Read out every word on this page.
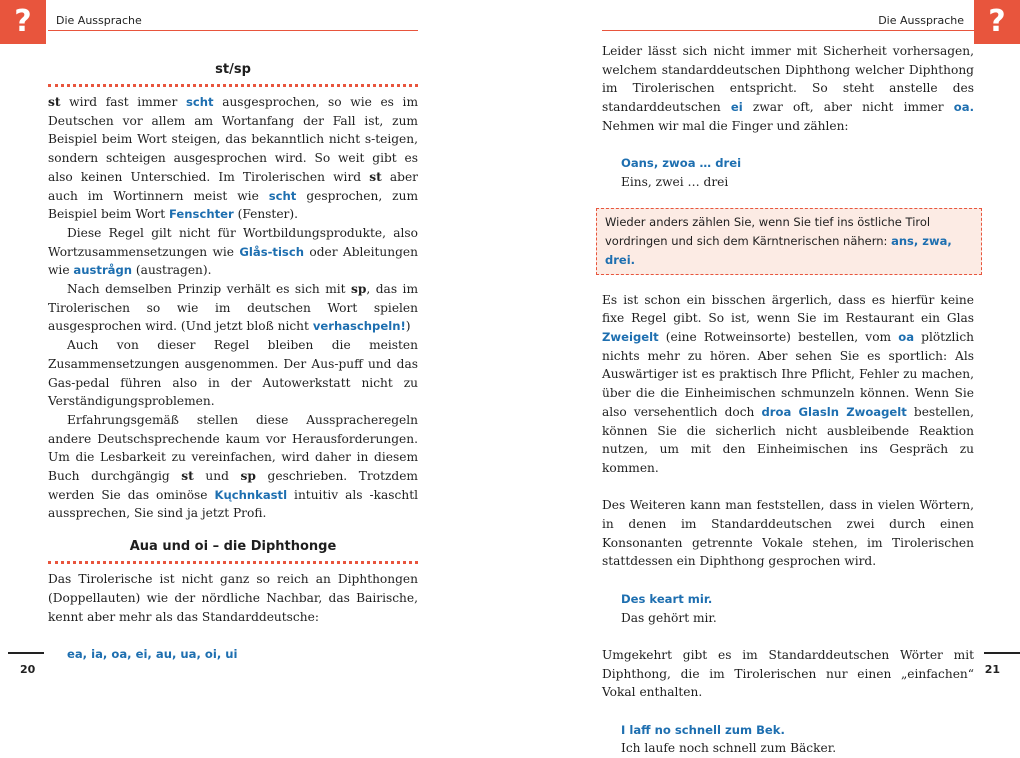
?	Die Aussprache
st/sp

st wird fast immer scht ausgesprochen, so wie es im Deutschen vor allem am Wortanfang der Fall ist, zum Beispiel beim Wort steigen, das bekanntlich nicht s-teigen, sondern schteigen ausgesprochen wird. So weit gibt es also keinen Unterschied. Im Tirolerischen wird st aber auch im Wortinnern meist wie scht gesprochen, zum Beispiel beim Wort Fenschter (Fenster).

Diese Regel gilt nicht für Wortbildungsprodukte, also Wortzusammensetzungen wie Glås-tisch oder Ableitungen wie austrågn (austragen).

Nach demselben Prinzip verhält es sich mit sp, das im Tirolerischen so wie im deutschen Wort spielen ausgesprochen wird. (Und jetzt bloß nicht verhaschpeln!)

Auch von dieser Regel bleiben die meisten Zusammensetzungen ausgenommen. Der Aus-puff und das Gas-pedal führen also in der Autowerkstatt nicht zu Verständigungsproblemen.

Erfahrungsgemäß stellen diese Ausspracheregeln andere Deutschsprechende kaum vor Herausforderungen. Um die Lesbarkeit zu vereinfachen, wird daher in diesem Buch durchgängig st und sp geschrieben. Trotzdem werden Sie das ominöse Kųchnkastl intuitiv als -kaschtl aussprechen, Sie sind ja jetzt Profi.

Aua und oi – die Diphthonge

Das Tirolerische ist nicht ganz so reich an Diphthongen (Doppellauten) wie der nördliche Nachbar, das Bairische, kennt aber mehr als das Standarddeutsche:

ea, ia, oa, ei, au, ua, oi, ui

20
?
Die Aussprache

Leider lässt sich nicht immer mit Sicherheit vorhersagen, welchem standarddeutschen Diphthong welcher Diphthong im Tirolerischen entspricht. So steht anstelle des standarddeutschen ei zwar oft, aber nicht immer oa. Nehmen wir mal die Finger und zählen:

Oans, zwoa … drei
Eins, zwei … drei
Wieder anders zählen Sie, wenn Sie tief ins östliche Tirol vordringen und sich dem Kärntnerischen nähern: ans, zwa, drei.

Es ist schon ein bisschen ärgerlich, dass es hierfür keine fixe Regel gibt. So ist, wenn Sie im Restaurant ein Glas Zweigelt (eine Rotweinsorte) bestellen, vom oa plötzlich nichts mehr zu hören. Aber sehen Sie es sportlich: Als Auswärtiger ist es praktisch Ihre Pflicht, Fehler zu machen, über die die Einheimischen schmunzeln können. Wenn Sie also versehentlich doch droa Glasln Zwoagelt bestellen, können Sie die sicherlich nicht ausbleibende Reaktion nutzen, um mit den Einheimischen ins Gespräch zu kommen.

Des Weiteren kann man feststellen, dass in vielen Wörtern, in denen im Standarddeutschen zwei durch einen Konsonanten getrennte Vokale stehen, im Tirolerischen stattdessen ein Diphthong gesprochen wird.

Des keart mir.
Das gehört mir.

Umgekehrt gibt es im Standarddeutschen Wörter mit Diphthong, die im Tirolerischen nur einen „einfachen“ Vokal enthalten.

I laff no schnell zum Bek.
Ich laufe noch schnell zum Bäcker.
21
